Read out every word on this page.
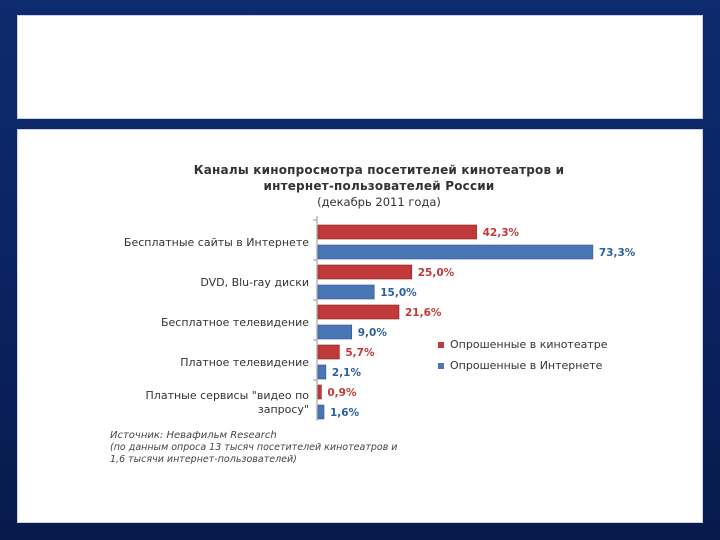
Каналы кинопросмотра посетителей кинотеатров и
интернет-пользователей России
(декабрь 2011 года)
Бесплатные сайты в Интернете
42,3%
73,3%
DVD, Blu-ray диски
25,0%
15,0%
Бесплатное телевидение
21,6%
9,0%
Платное телевидение
5,7%
2,1%
Платные сервисы "видео по
запросу"
0,9%
1,6%
Опрошенные в кинотеатре
Опрошенные в Интернете
Источник: Невафильм Research
(по данным опроса 13 тысяч посетителей кинотеатров и
1,6 тысячи интернет-пользователей)
